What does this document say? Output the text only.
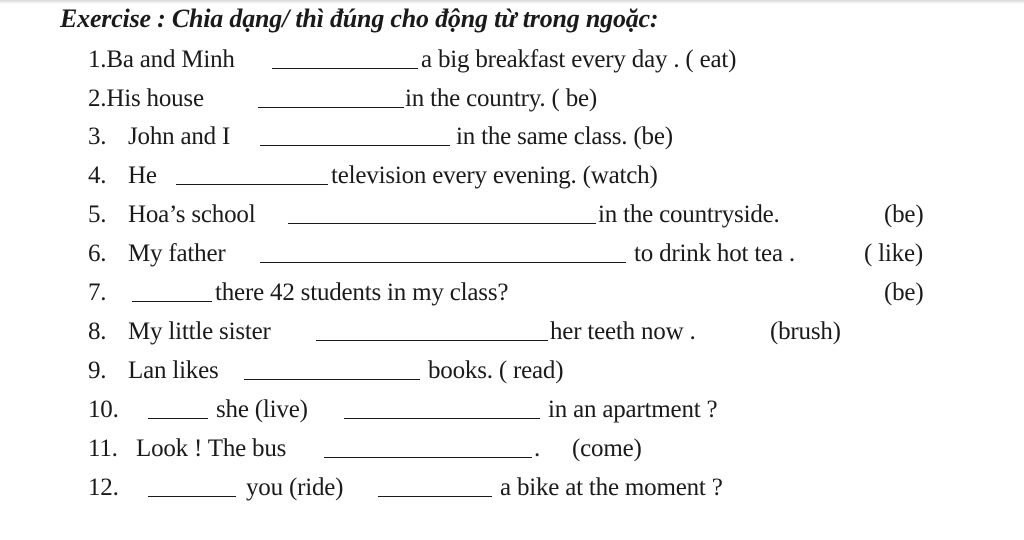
Exercise : Chia dạng/ thì đúng cho động từ trong ngoặc:
1.Ba and Minh	a big breakfast every day . ( eat)
2.His house	in the country. ( be)
3. John and I	in the same class. (be)
4. He	television every evening. (watch)
5. Hoa’s school	in the countryside.	(be)
6. My father	to drink hot tea .	( like)
7.	there 42 students in my class?	(be)
8. My little sister	her teeth now .	(brush)
9. Lan likes	books. ( read)
10.	she (live)	in an apartment ?
11. Look ! The bus	. (come)
12.	you (ride)	a bike at the moment ?
